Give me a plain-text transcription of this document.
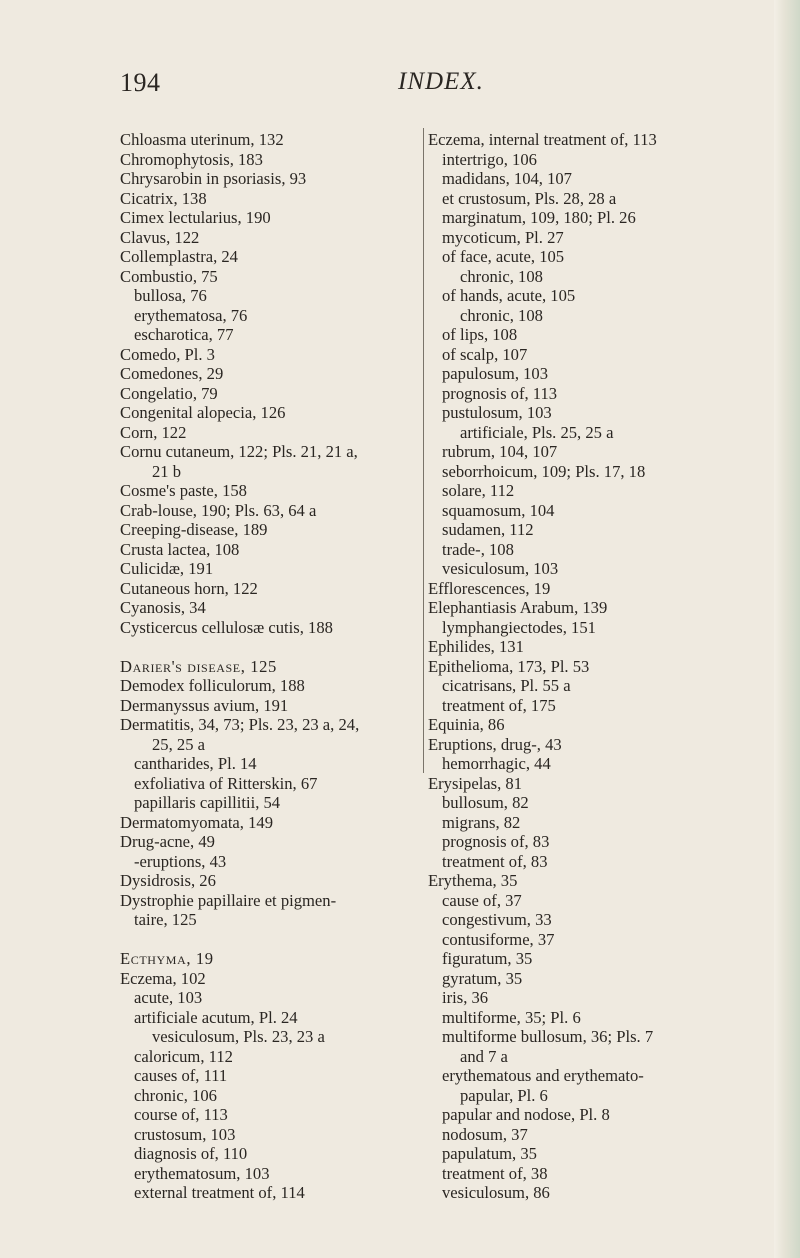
194	INDEX.
Chloasma uterinum, 132
Chromophytosis, 183
Chrysarobin in psoriasis, 93
Cicatrix, 138
Cimex lectularius, 190
Clavus, 122
Collemplastra, 24
Combustio, 75
bullosa, 76
erythematosa, 76
escharotica, 77
Comedo, Pl. 3
Comedones, 29
Congelatio, 79
Congenital alopecia, 126
Corn, 122
Cornu cutaneum, 122; Pls. 21, 21 a,
21 b
Cosme's paste, 158
Crab-louse, 190; Pls. 63, 64 a
Creeping-disease, 189
Crusta lactea, 108
Culicidæ, 191
Cutaneous horn, 122
Cyanosis, 34
Cysticercus cellulosæ cutis, 188
Darier's disease, 125
Demodex folliculorum, 188
Dermanyssus avium, 191
Dermatitis, 34, 73; Pls. 23, 23 a, 24,
25, 25 a
cantharides, Pl. 14
exfoliativa of Ritterskin, 67
papillaris capillitii, 54
Dermatomyomata, 149
Drug-acne, 49
-eruptions, 43
Dysidrosis, 26
Dystrophie papillaire et pigmen-
taire, 125
Ecthyma, 19
Eczema, 102
acute, 103
artificiale acutum, Pl. 24
vesiculosum, Pls. 23, 23 a
caloricum, 112
causes of, 111
chronic, 106
course of, 113
crustosum, 103
diagnosis of, 110
erythematosum, 103
external treatment of, 114
Eczema, internal treatment of, 113
intertrigo, 106
madidans, 104, 107
et crustosum, Pls. 28, 28 a
marginatum, 109, 180; Pl. 26
mycoticum, Pl. 27
of face, acute, 105
chronic, 108
of hands, acute, 105
chronic, 108
of lips, 108
of scalp, 107
papulosum, 103
prognosis of, 113
pustulosum, 103
artificiale, Pls. 25, 25 a
rubrum, 104, 107
seborrhoicum, 109; Pls. 17, 18
solare, 112
squamosum, 104
sudamen, 112
trade-, 108
vesiculosum, 103
Efflorescences, 19
Elephantiasis Arabum, 139
lymphangiectodes, 151
Ephilides, 131
Epithelioma, 173, Pl. 53
cicatrisans, Pl. 55 a
treatment of, 175
Equinia, 86
Eruptions, drug-, 43
hemorrhagic, 44
Erysipelas, 81
bullosum, 82
migrans, 82
prognosis of, 83
treatment of, 83
Erythema, 35
cause of, 37
congestivum, 33
contusiforme, 37
figuratum, 35
gyratum, 35
iris, 36
multiforme, 35; Pl. 6
multiforme bullosum, 36; Pls. 7
and 7 a
erythematous and erythemato-
papular, Pl. 6
papular and nodose, Pl. 8
nodosum, 37
papulatum, 35
treatment of, 38
vesiculosum, 86
